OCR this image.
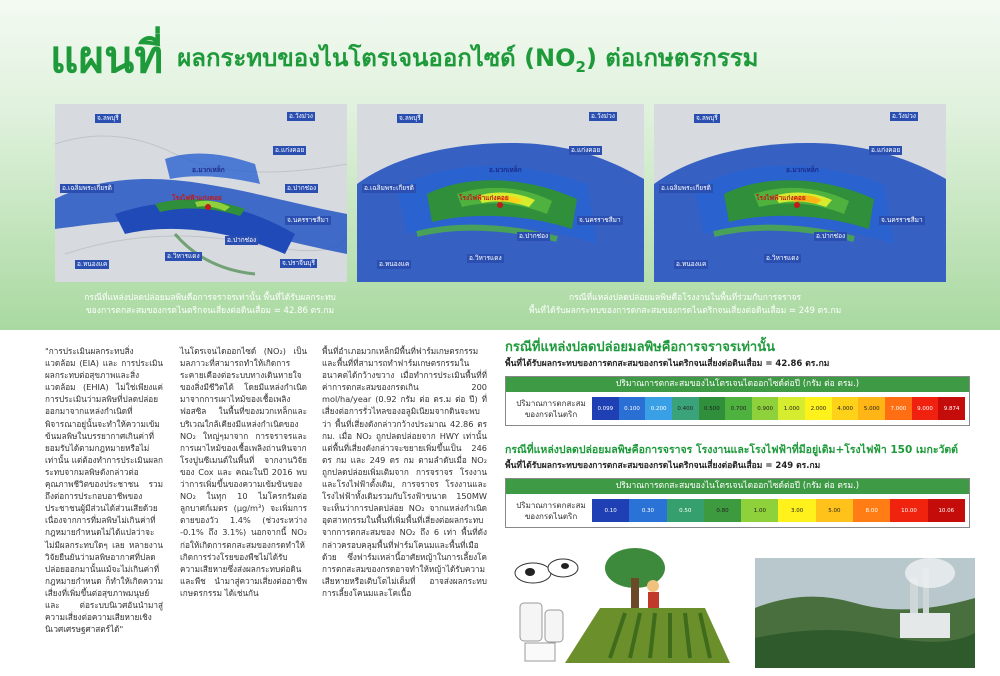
แผนที่ ผลกระทบของไนโตรเจนออกไซด์ $(NO_2)$ ต่อเกษตรกรรม
จ.ลพบุรี	อ.วังม่วง
อ.แก่งคอย
อ.เฉลิมพระเกียรติ
อ.มวกเหล็ก
โรงไฟฟ้าแก่งคอย
อ.ปากช่อง
จ.นครราชสีมา
อ.ปากช่อง
อ.หนองแค
อ.วิหารแดง
จ.ปราจีนบุรี
จ.ลพบุรี	อ.วังม่วง
อ.แก่งคอย
อ.เฉลิมพระเกียรติ
อ.มวกเหล็ก
โรงไฟฟ้าแก่งคอย
จ.นครราชสีมา
อ.ปากช่อง
อ.หนองแค
อ.วิหารแดง
จ.ลพบุรี	อ.วังม่วง
อ.แก่งคอย
อ.เฉลิมพระเกียรติ
อ.มวกเหล็ก
โรงไฟฟ้าแก่งคอย
จ.นครราชสีมา
อ.ปากช่อง
อ.หนองแค
อ.วิหารแดง
กรณีที่แหล่งปลดปล่อยมลพิษคือการจราจรเท่านั้น พื้นที่ได้รับผลกระทบ
ของการตกสะสมของกรดไนตริกจนเสี่ยงต่อดินเสื่อม = 42.86 ตร.กม
กรณีที่แหล่งปลดปล่อยมลพิษคือโรงงานในพื้นที่ร่วมกับการจราจร
พื้นที่ได้รับผลกระทบของการตกสะสมของกรดไนตริกจนเสี่ยงต่อดินเสื่อม = 249 ตร.กม
"การประเมินผลกระทบสิ่งแวดล้อม (EIA) และ การประเมินผลกระทบต่อสุขภาพและสิ่งแวดล้อม (EHIA) ไม่ใช่เพียงแค่การประเมินว่ามลพิษที่ปลดปล่อยออกมาจากแหล่งกำเนิดที่พิจารณาอยู่นั้นจะทำให้ความเข้มข้นมลพิษในบรรยากาศเกินค่าที่ยอมรับได้ตามกฎหมายหรือไม่เท่านั้น แต่ต้องทำการประเมินผลกระทบจากมลพิษดังกล่าวต่อคุณภาพชีวิตของประชาชน รวมถึงต่อการประกอบอาชีพของประชาชนผู้มีส่วนได้ส่วนเสียด้วย เนื่องจากการที่มลพิษไม่เกินค่าที่กฎหมายกำหนดไม่ได้แปลว่าจะไม่มีผลกระทบใดๆ เลย หลายงานวิจัยยืนยันว่ามลพิษอากาศที่ปลดปล่อยออกมานั้นแม้จะไม่เกินค่าที่กฎหมายกำหนด ก็ทำให้เกิดความเสี่ยงที่เพิ่มขึ้นต่อสุขภาพมนุษย์ และ ต่อระบบนิเวศอันนำมาสู่ความเสี่ยงต่อความเสียหายเชิงนิเวศเศรษฐศาสตร์ได้"
ไนโตรเจนไดออกไซด์ (NO₂) เป็นมลภาวะที่สามารถทำให้เกิดการระคายเคืองต่อระบบทางเดินหายใจของสิ่งมีชีวิตได้ โดยมีแหล่งกำเนิดมาจากการเผาไหม้ของเชื้อเพลิงฟอสซิล ในพื้นที่ของมวกเหล็กและบริเวณใกล้เคียงมีแหล่งกำเนิดของ NO₂ ใหญ่ๆมาจาก การจราจรและการเผาไหม้ของเชื้อเพลิงถ่านหินจากโรงปูนซีเมนต์ในพื้นที่ จากงานวิจัยของ Cox และ คณะในปี 2016 พบว่าการเพิ่มขึ้นของความเข้มข้นของ NO₂ ในทุก 10 ไมโครกรัมต่อลูกบาศก์เมตร (μg/m³) จะเพิ่มการตายของวัว 1.4% (ช่วงระหว่าง -0.1% ถึง 3.1%) นอกจากนี้ NO₂ ก่อให้เกิดการตกสะสมของกรดทำให้เกิดการร่วงโรยของพืชไม่ได้รับความเสียหายซึ่งส่งผลกระทบต่อดินและพืช นำมาสู่ความเสี่ยงต่ออาชีพเกษตรกรรม ได้เช่นกัน
พื้นที่อำเภอมวกเหล็กมีพื้นที่ฟาร์มเกษตรกรรมและพื้นที่ที่สามารถทำฟาร์มเกษตรกรรมในอนาคตได้กว้างขวาง เมื่อทำการประเมินพื้นที่ที่ค่าการตกสะสมของกรดเกิน 200 mol/ha/year (0.92 กรัม ต่อ ตร.ม ต่อ ปี) ที่เสี่ยงต่อการรั่วไหลของอลูมิเนียมจากดินจะพบว่า พื้นที่เสี่ยงดังกล่าวกว้างประมาณ 42.86 ตร กม. เมื่อ NO₂ ถูกปลดปล่อยจาก HWY เท่านั้น แต่พื้นที่เสี่ยงดังกล่าวจะขยายเพิ่มขึ้นเป็น 246 ตร กม และ 249 ตร กม ตามลำดับเมื่อ NO₂ ถูกปลดปล่อยเพิ่มเติมจาก การจราจร โรงงานและโรงไฟฟ้าตั้งเดิม, การจราจร โรงงานและโรงไฟฟ้าทั้งเดิมรวมกับโรงฟ้าขนาด 150MW จะเห็นว่าการปลดปล่อย NO₂ จากแหล่งกำเนิดอุตสาหกรรมในพื้นที่เพิ่มพื้นที่เสี่ยงต่อผลกระทบจากการตกสะสมของ NO₂ ถึง 6 เท่า พื้นที่ดังกล่าวครอบคลุมพื้นที่ฟาร์มโคนมและพื้นที่เมือด้วย ซึ่งฟาร์มเหล่านี้อาศัยหญ้าในการเลี้ยงโคการตกสะสมของกรดอาจทำให้หญ้าได้รับความเสียหายหรือเติบโตไม่เต็มที่ อาจส่งผลกระทบการเลี้ยงโคนมและโคเนื้อ
กรณีที่แหล่งปลดปล่อยมลพิษคือการจราจรเท่านั้น
พื้นที่ได้รับผลกระทบของการตกสะสมของกรดไนตริกจนเสี่ยงต่อดินเสื่อม = 42.86 ตร.กม
ปริมาณการตกสะสมของไนโตรเจนไดออกไซด์ต่อปี (กรัม ต่อ ตรม.)
ปริมาณการตกสะสม ของกรดไนตริก
0.099	0.100	0.200	0.400	0.500	0.700	0.900	1.000	2.000	4.000	5.000	7.000	9.000	9.874
กรณีที่แหล่งปลดปล่อยมลพิษคือการจราจร โรงงานและโรงไฟฟ้าที่มีอยู่เดิม+โรงไฟฟ้า 150 เมกะวัตต์
พื้นที่ได้รับผลกระทบของการตกสะสมของกรดไนตริกจนเสี่ยงต่อดินเสื่อม = 249 ตร.กม
ปริมาณการตกสะสมของไนโตรเจนไดออกไซด์ต่อปี (กรัม ต่อ ตรม.)
ปริมาณการตกสะสมของกรดไนตริก
0.10	0.30	0.50	0.80	1.00	3.00	5.00	8.00	10.00	10.06
